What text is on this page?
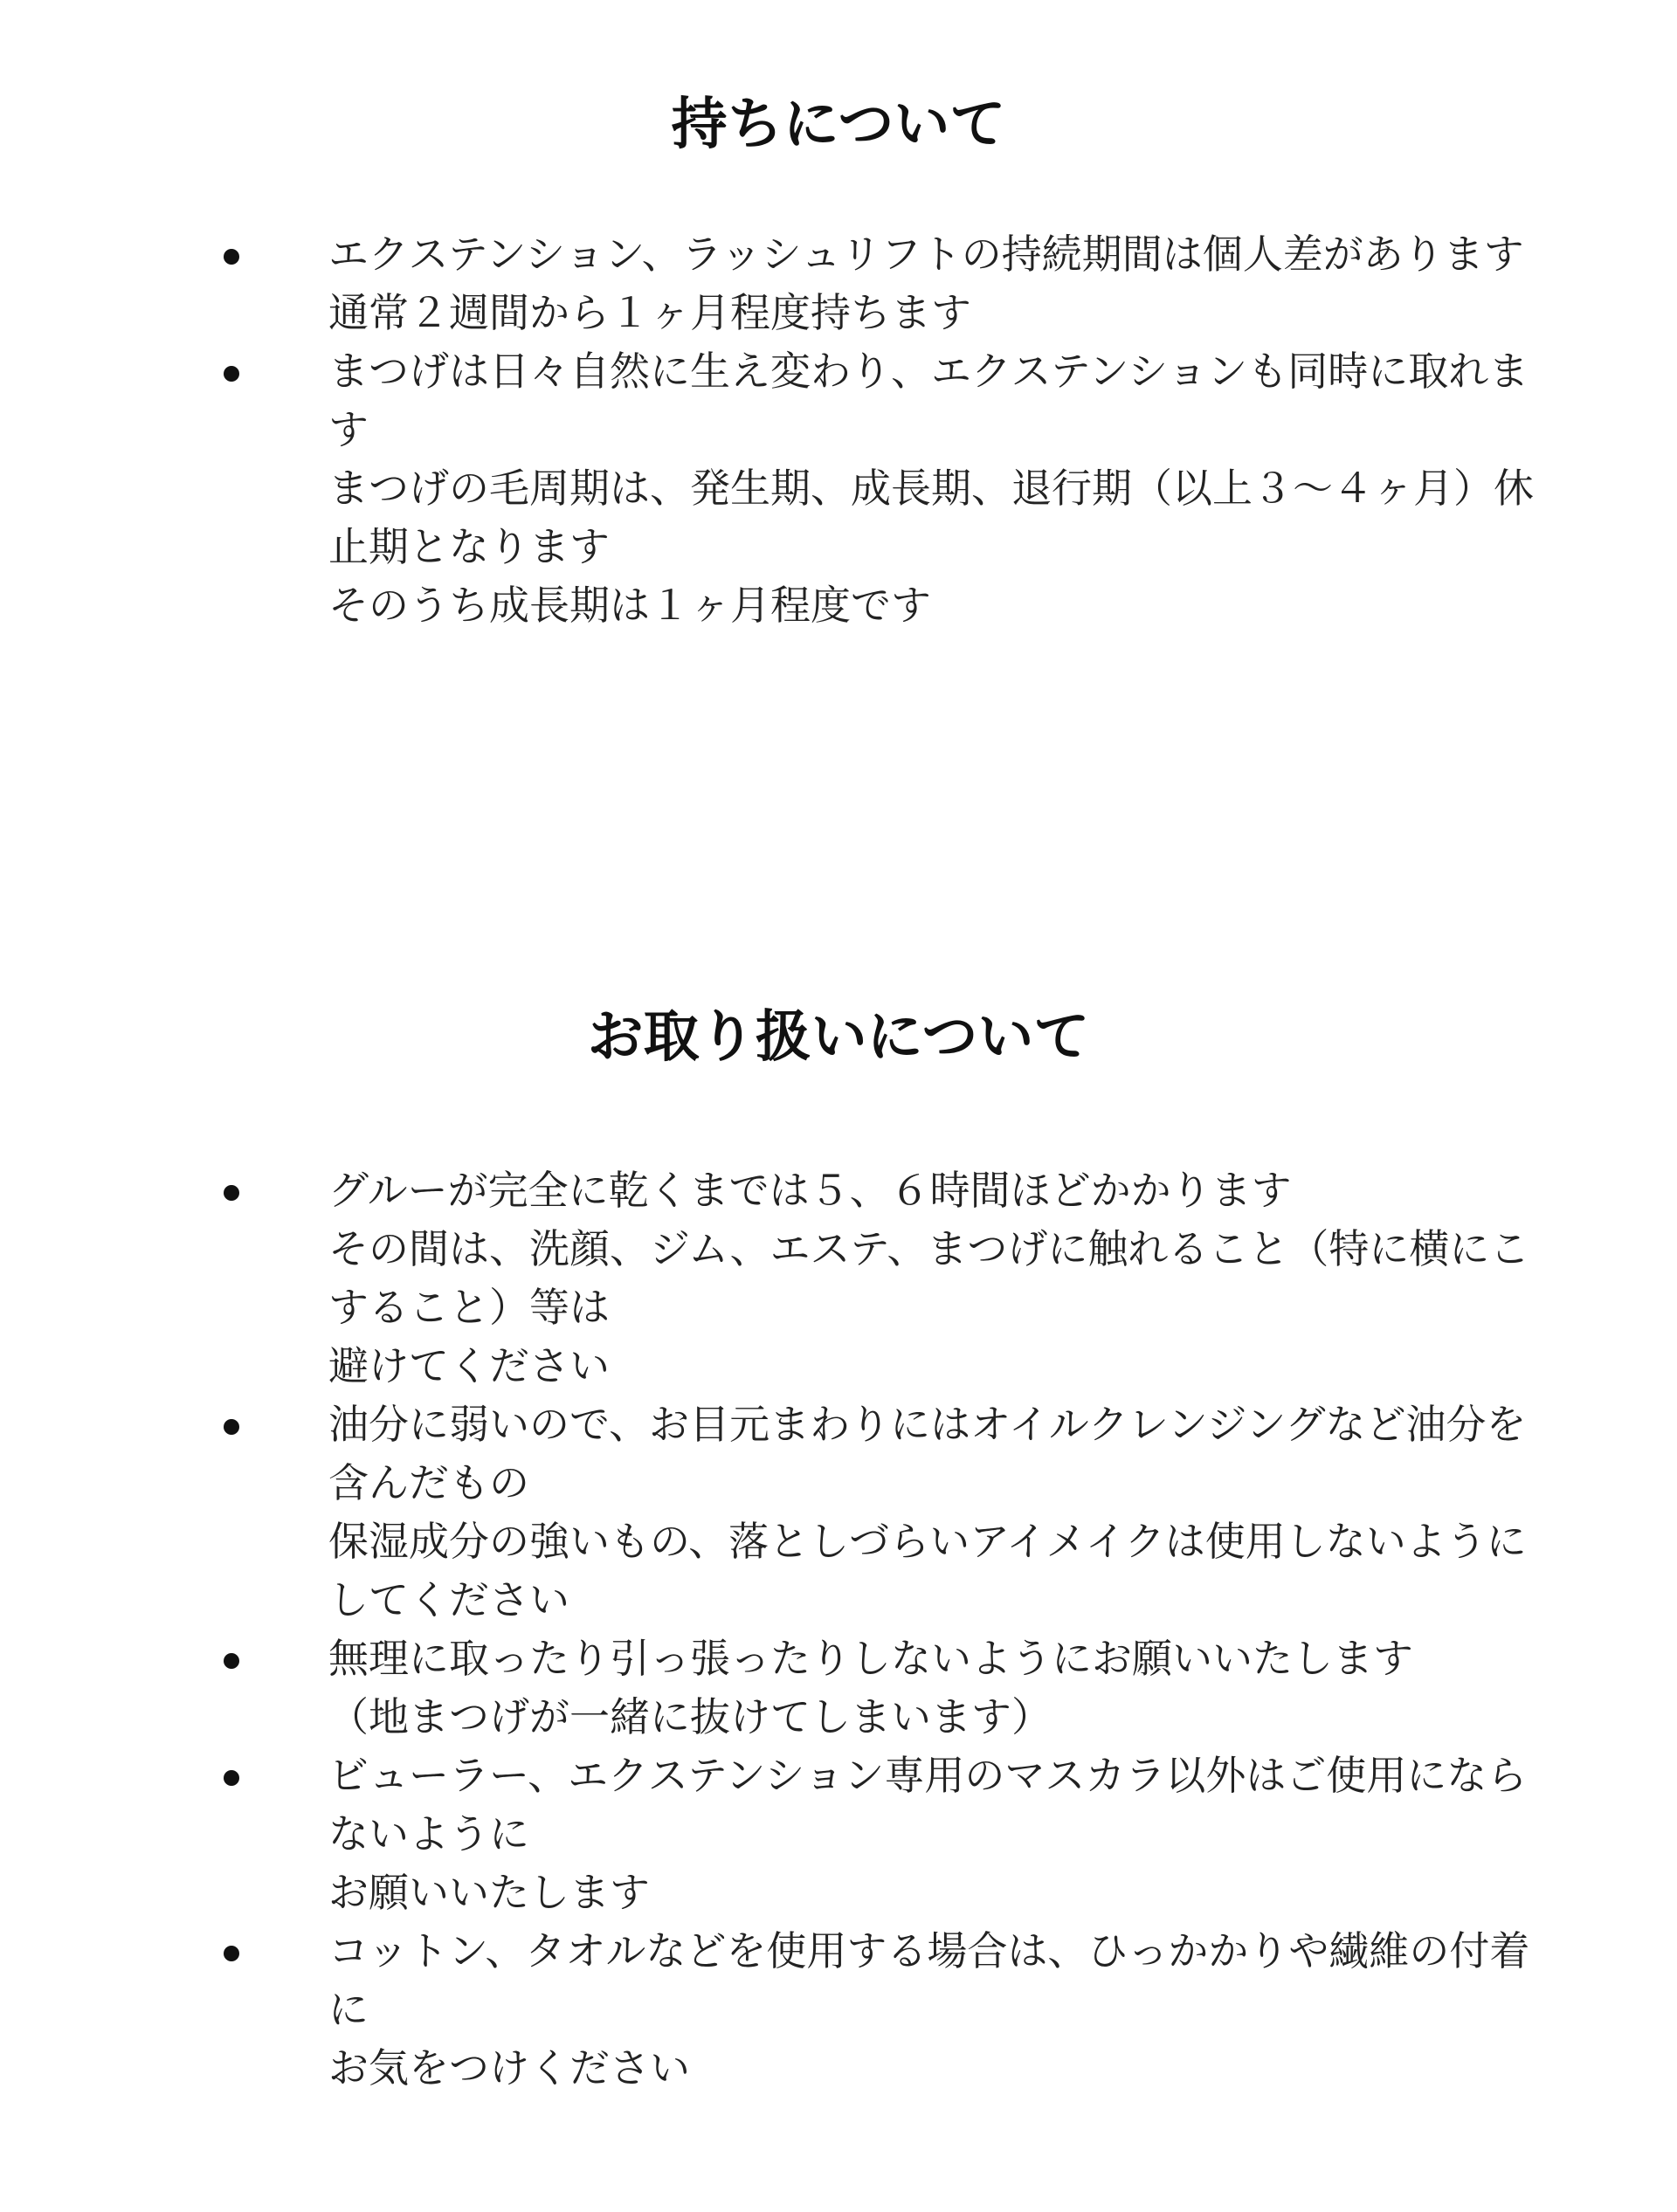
持ちについて
エクステンション、ラッシュリフトの持続期間は個人差があります
通常２週間から１ヶ月程度持ちます
まつげは日々自然に生え変わり、エクステンションも同時に取れます
まつげの毛周期は、発生期、成長期、退行期（以上３〜４ヶ月）休止期となります
そのうち成長期は１ヶ月程度です
お取り扱いについて
グルーが完全に乾くまでは５、６時間ほどかかります
その間は、洗顔、ジム、エステ、まつげに触れること（特に横にこすること）等は
避けてください
油分に弱いので、お目元まわりにはオイルクレンジングなど油分を含んだもの
保湿成分の強いもの、落としづらいアイメイクは使用しないようにしてください
無理に取ったり引っ張ったりしないようにお願いいたします
（地まつげが一緒に抜けてしまいます）
ビューラー、エクステンション専用のマスカラ以外はご使用にならないように
お願いいたします
コットン、タオルなどを使用する場合は、ひっかかりや繊維の付着に
お気をつけください
